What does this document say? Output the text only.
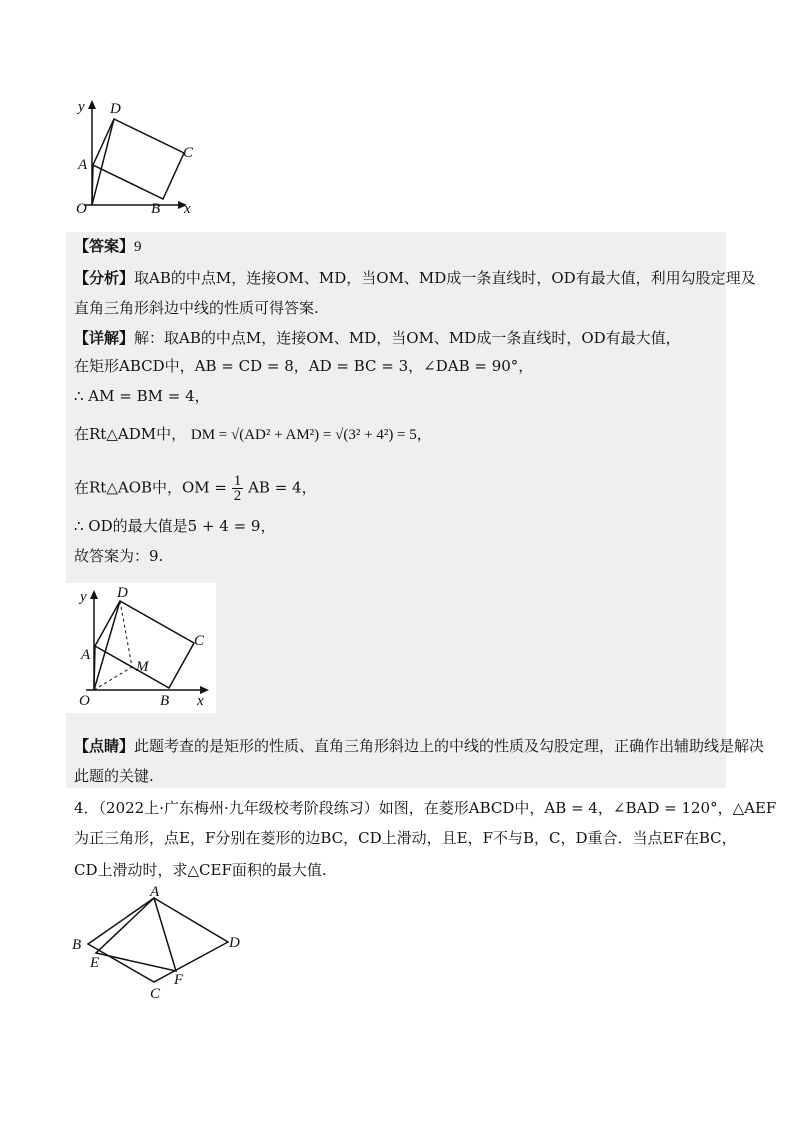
y D
C
A
O	B x
【答案】9
【分析】取AB的中点M，连接OM、MD，当OM、MD成一条直线时，OD有最大值，利用勾股定理及
直角三角形斜边中线的性质可得答案.
【详解】解：取AB的中点M，连接OM、MD，当OM、MD成一条直线时，OD有最大值，
在矩形ABCD中，AB = CD = 8，AD = BC = 3，∠DAB = 90°，
∴ AM = BM = 4，
在Rt△ADM中， DM = √(AD² + AM²) = √(3² + 4²) = 5，
在Rt△AOB中，OM = $\frac{1}{2}$ AB = 4，
∴ OD的最大值是5 + 4 = 9，
故答案为：9.
y D
C
A
M
O	B x
【点睛】此题考查的是矩形的性质、直角三角形斜边上的中线的性质及勾股定理，正确作出辅助线是解决
此题的关键.
4．（2022上·广东梅州·九年级校考阶段练习）如图，在菱形ABCD中，AB = 4，∠BAD = 120°，△AEF
为正三角形，点E，F分别在菱形的边BC，CD上滑动，且E，F不与B，C，D重合．当点EF在BC，
CD上滑动时，求△CEF面积的最大值.
A
B	D
E
F
C
